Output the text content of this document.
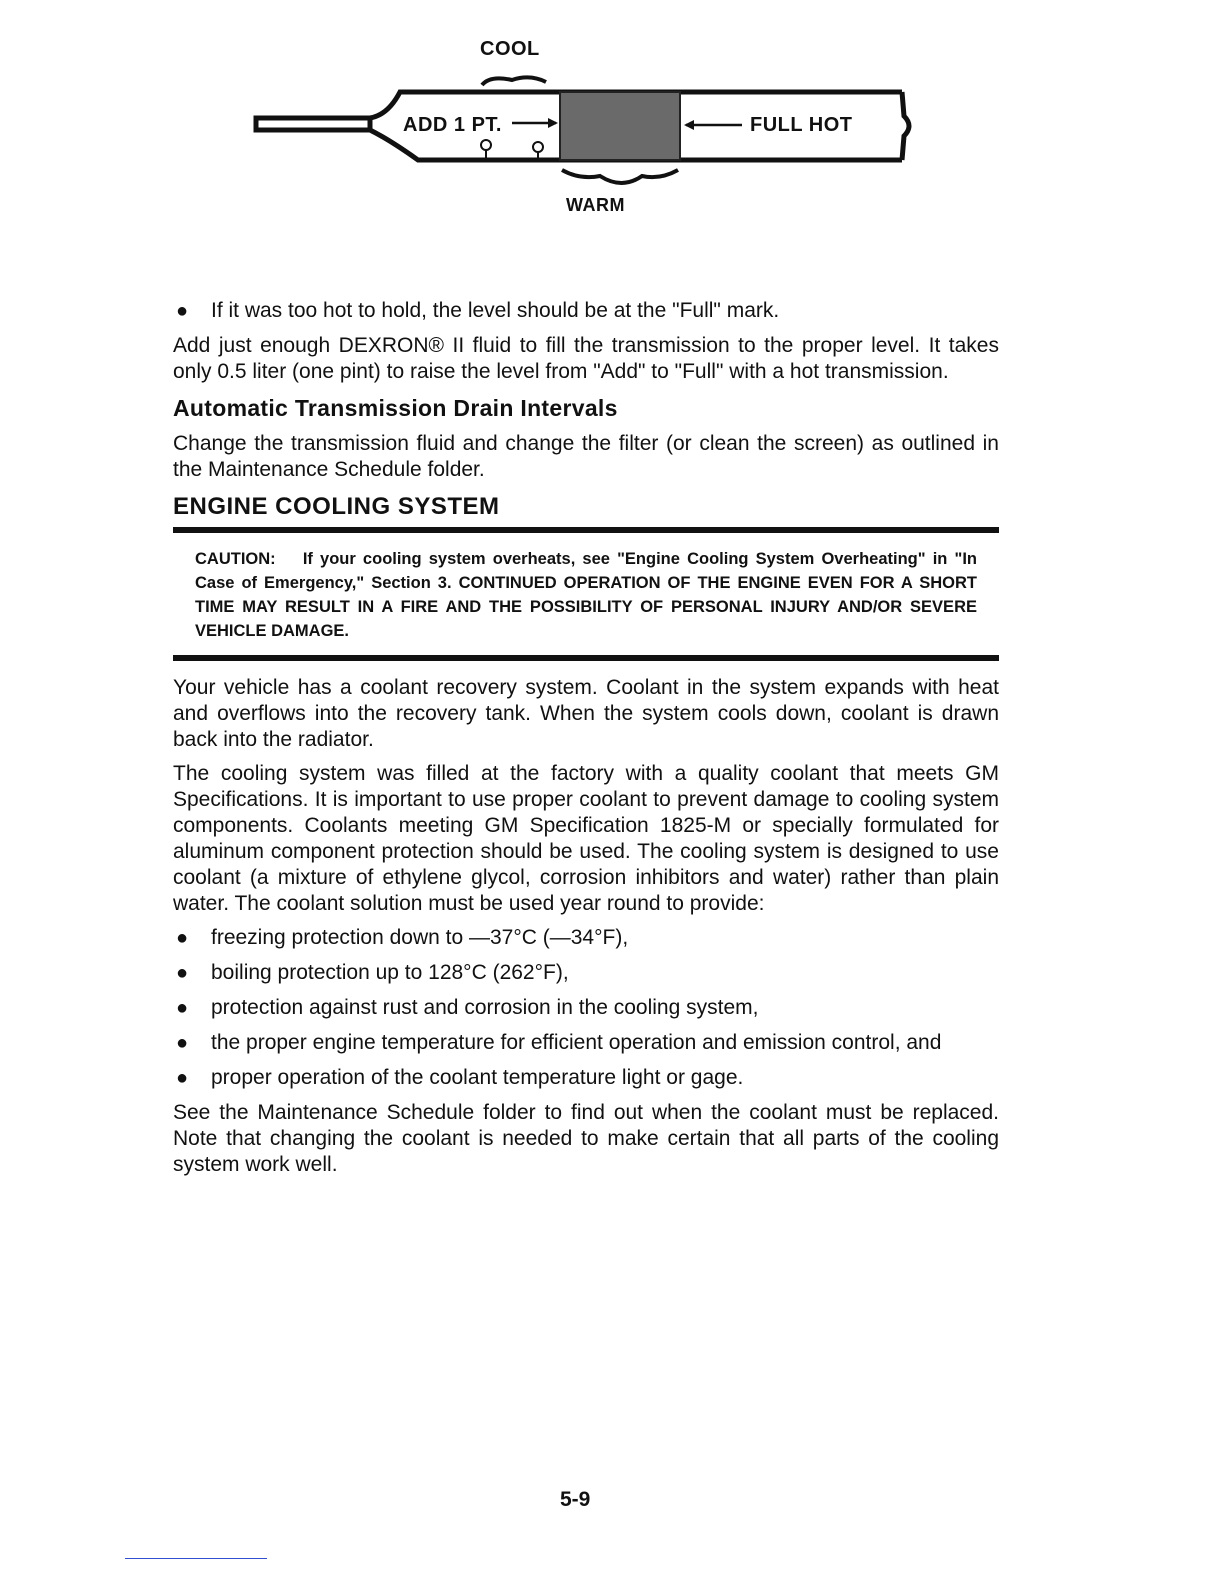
COOL
ADD 1 PT.	FULL HOT
WARM
● If it was too hot to hold, the level should be at the "Full" mark.

Add just enough DEXRON® II fluid to fill the transmission to the proper level. It takes only 0.5 liter (one pint) to raise the level from "Add" to "Full" with a hot transmission.

Automatic Transmission Drain Intervals

Change the transmission fluid and change the filter (or clean the screen) as outlined in the Maintenance Schedule folder.

ENGINE COOLING SYSTEM
CAUTION: If your cooling system overheats, see "Engine Cooling System Overheating" in "In Case of Emergency," Section 3. CONTINUED OPERATION OF THE ENGINE EVEN FOR A SHORT TIME MAY RESULT IN A FIRE AND THE POSSIBILITY OF PERSONAL INJURY AND/OR SEVERE VEHICLE DAMAGE.

Your vehicle has a coolant recovery system. Coolant in the system expands with heat and overflows into the recovery tank. When the system cools down, coolant is drawn back into the radiator.

The cooling system was filled at the factory with a quality coolant that meets GM Specifications. It is important to use proper coolant to prevent damage to cooling system components. Coolants meeting GM Specification 1825-M or specially formulated for aluminum component protection should be used. The cooling system is designed to use coolant (a mixture of ethylene glycol, corrosion inhibitors and water) rather than plain water. The coolant solution must be used year round to provide:

● freezing protection down to —37°C (—34°F),
● boiling protection up to 128°C (262°F),
● protection against rust and corrosion in the cooling system,
● the proper engine temperature for efficient operation and emission control, and
● proper operation of the coolant temperature light or gage.

See the Maintenance Schedule folder to find out when the coolant must be replaced. Note that changing the coolant is needed to make certain that all parts of the cooling system work well.

5-9
